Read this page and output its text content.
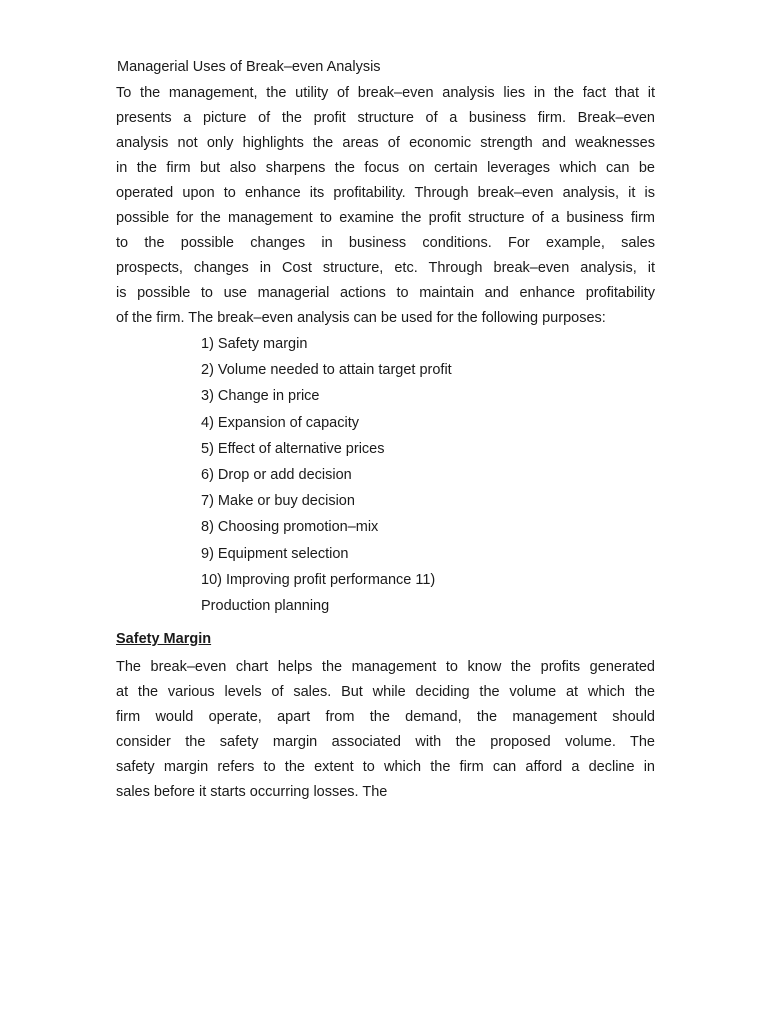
Managerial Uses of Break–even Analysis

To the management, the utility of break–even analysis lies in the fact that it
presents a picture of the profit structure of a business firm. Break–even
analysis not only highlights the areas of economic strength and weaknesses
in the firm but also sharpens the focus on certain leverages which can be
operated upon to enhance its profitability. Through break–even analysis, it is
possible for the management to examine the profit structure of a business firm
to the possible changes in business conditions. For example, sales
prospects, changes in Cost structure, etc. Through break–even analysis, it
is possible to use managerial actions to maintain and enhance profitability
of the firm. The break–even analysis can be used for the following purposes:

1) Safety margin
2) Volume needed to attain target profit
3) Change in price
4) Expansion of capacity
5) Effect of alternative prices
6) Drop or add decision
7) Make or buy decision
8) Choosing promotion–mix
9) Equipment selection
10) Improving profit performance 11)
Production planning
Safety Margin

The break–even chart helps the management to know the profits generated
at the various levels of sales. But while deciding the volume at which the
firm would operate, apart from the demand, the management should
consider the safety margin associated with the proposed volume. The
safety margin refers to the extent to which the firm can afford a decline in
sales before it starts occurring losses. The
